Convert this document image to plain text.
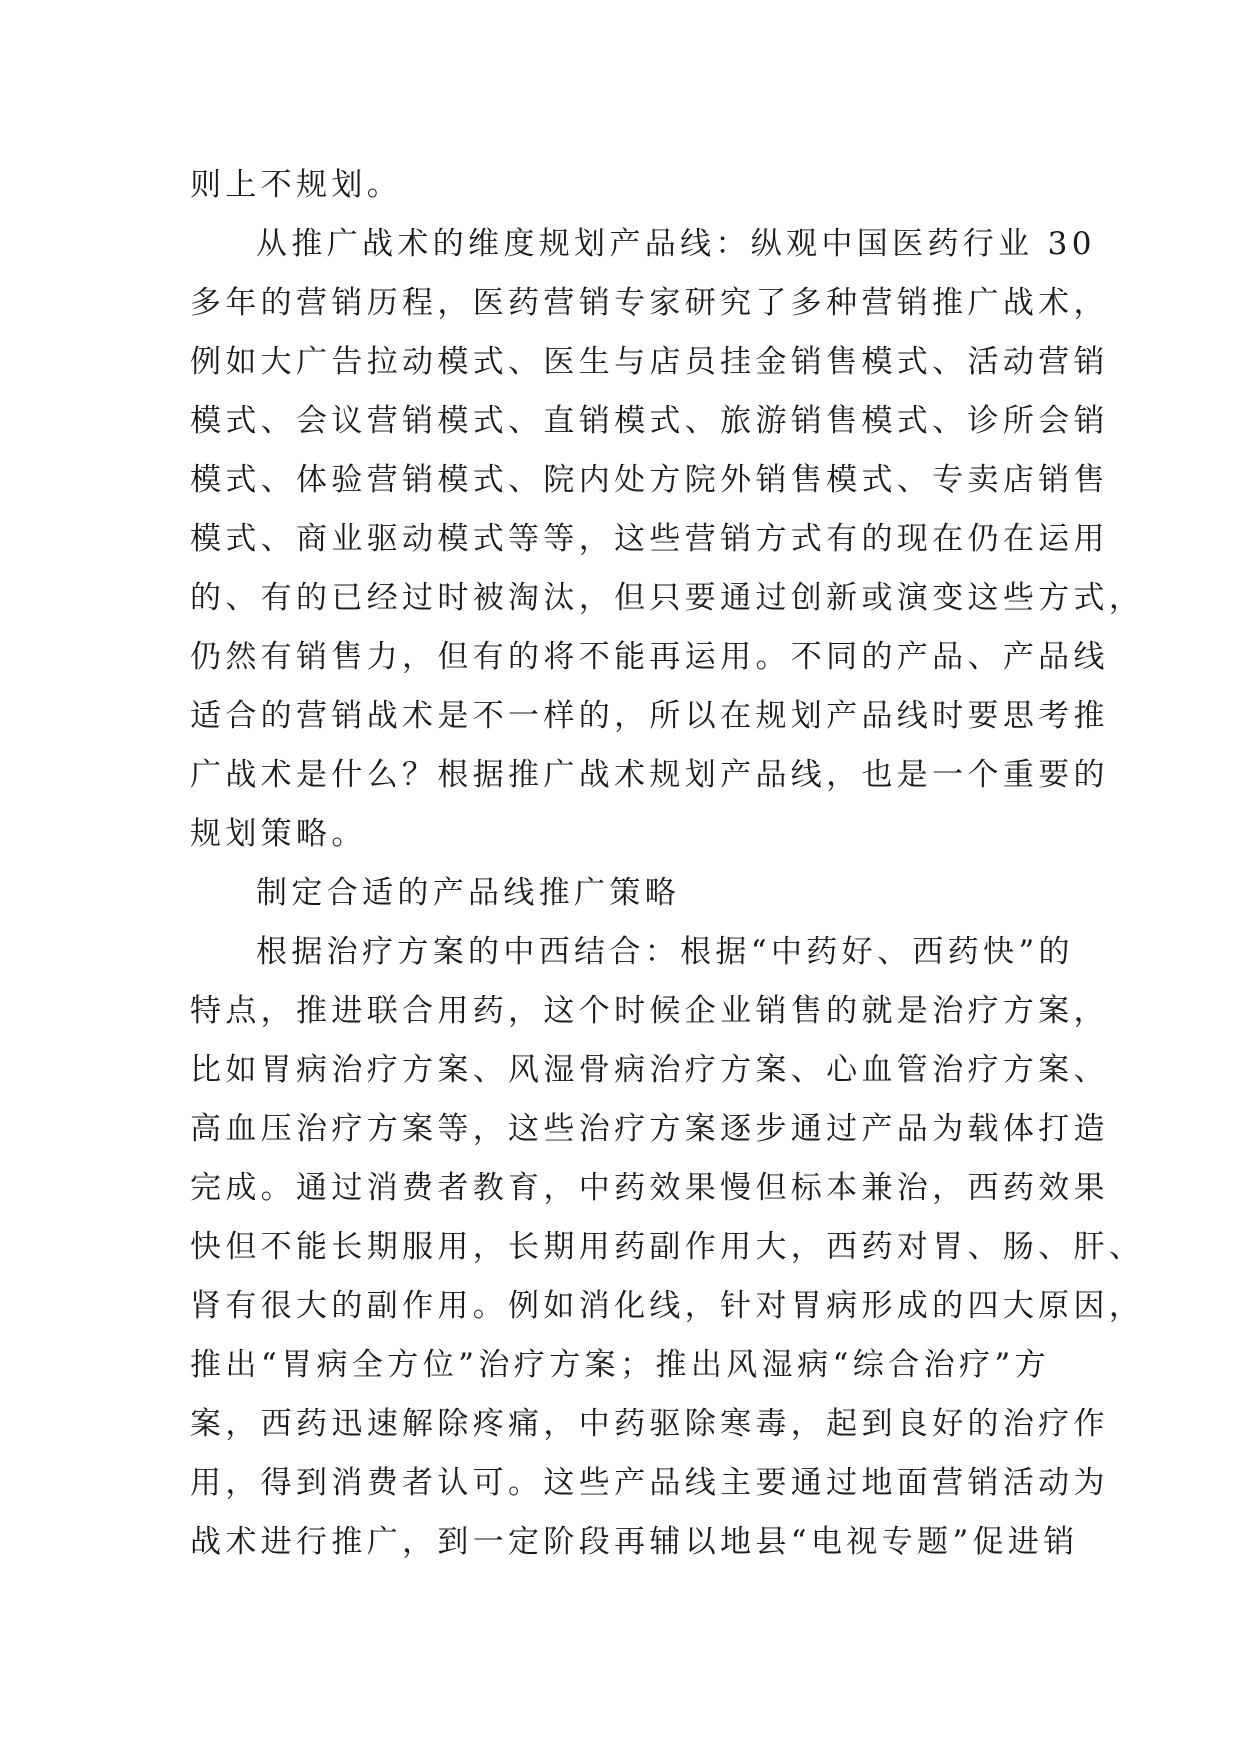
则上不规划。

从推广战术的维度规划产品线：纵观中国医药行业 30
多年的营销历程，医药营销专家研究了多种营销推广战术，
例如大广告拉动模式、医生与店员挂金销售模式、活动营销
模式、会议营销模式、直销模式、旅游销售模式、诊所会销
模式、体验营销模式、院内处方院外销售模式、专卖店销售
模式、商业驱动模式等等，这些营销方式有的现在仍在运用
的、有的已经过时被淘汰，但只要通过创新或演变这些方式，
仍然有销售力，但有的将不能再运用。不同的产品、产品线
适合的营销战术是不一样的，所以在规划产品线时要思考推
广战术是什么？根据推广战术规划产品线，也是一个重要的
规划策略。

制定合适的产品线推广策略

根据治疗方案的中西结合：根据“中药好、西药快”的
特点，推进联合用药，这个时候企业销售的就是治疗方案，
比如胃病治疗方案、风湿骨病治疗方案、心血管治疗方案、
高血压治疗方案等，这些治疗方案逐步通过产品为载体打造
完成。通过消费者教育，中药效果慢但标本兼治，西药效果
快但不能长期服用，长期用药副作用大，西药对胃、肠、肝、
肾有很大的副作用。例如消化线，针对胃病形成的四大原因，
推出“胃病全方位”治疗方案；推出风湿病“综合治疗”方
案，西药迅速解除疼痛，中药驱除寒毒，起到良好的治疗作
用，得到消费者认可。这些产品线主要通过地面营销活动为
战术进行推广，到一定阶段再辅以地县“电视专题”促进销
